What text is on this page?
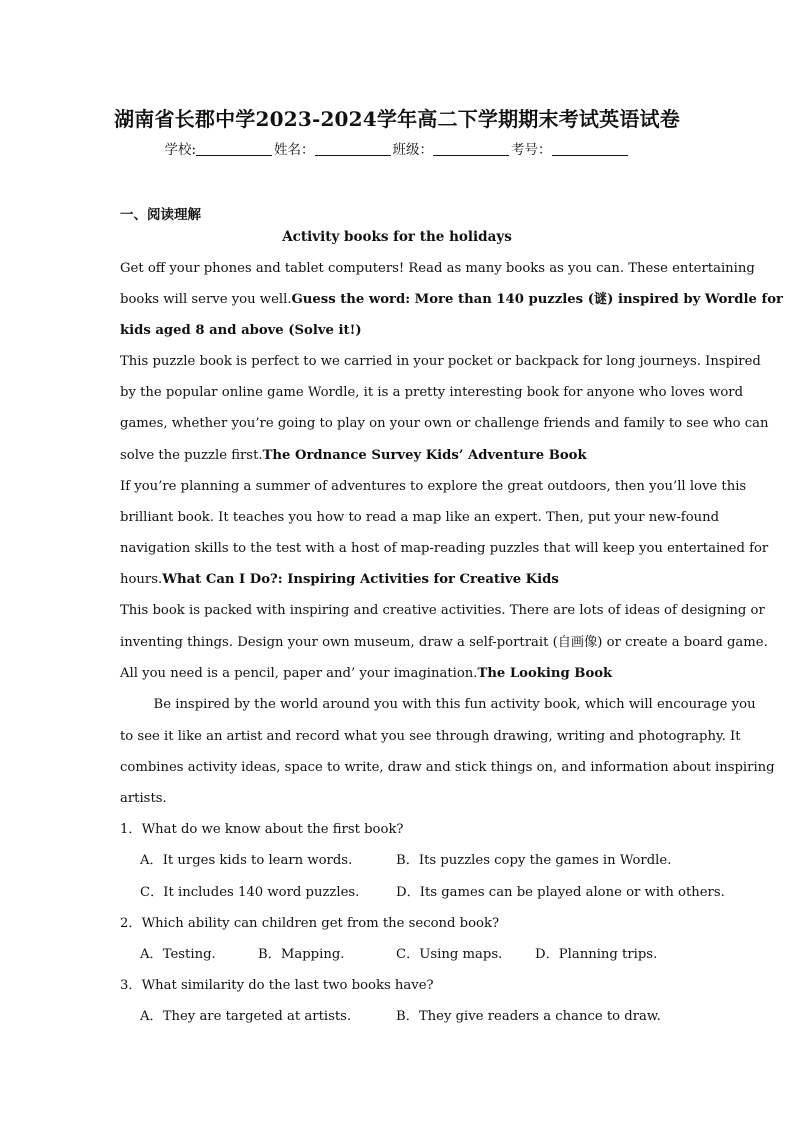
湖南省长郡中学2023-2024学年高二下学期期末考试英语试卷
学校:	姓名：	班级：	考号：
一、阅读理解
Activity books for the holidays
Get off your phones and tablet computers! Read as many books as you can. These entertaining
books will serve you well.Guess the word: More than 140 puzzles (谜) inspired by Wordle for
kids aged 8 and above (Solve it!)
This puzzle book is perfect to we carried in your pocket or backpack for long journeys. Inspired
by the popular online game Wordle, it is a pretty interesting book for anyone who loves word
games, whether you’re going to play on your own or challenge friends and family to see who can
solve the puzzle first.The Ordnance Survey Kids’ Adventure Book
If you’re planning a summer of adventures to explore the great outdoors, then you’ll love this
brilliant book. It teaches you how to read a map like an expert. Then, put your new-found
navigation skills to the test with a host of map-reading puzzles that will keep you entertained for
hours.What Can I Do?: Inspiring Activities for Creative Kids
This book is packed with inspiring and creative activities. There are lots of ideas of designing or
inventing things. Design your own museum, draw a self-portrait (自画像) or create a board game.
All you need is a pencil, paper and’ your imagination.The Looking Book
Be inspired by the world around you with this fun activity book, which will encourage you
to see it like an artist and record what you see through drawing, writing and photography. It
combines activity ideas, space to write, draw and stick things on, and information about inspiring
artists.
1．What do we know about the first book?
A．It urges kids to learn words.	B．Its puzzles copy the games in Wordle.
C．It includes 140 word puzzles.	D．Its games can be played alone or with others.
2．Which ability can children get from the second book?
A．Testing.	B．Mapping.	C．Using maps. D．Planning trips.
3．What similarity do the last two books have?
A．They are targeted at artists.	B．They give readers a chance to draw.
